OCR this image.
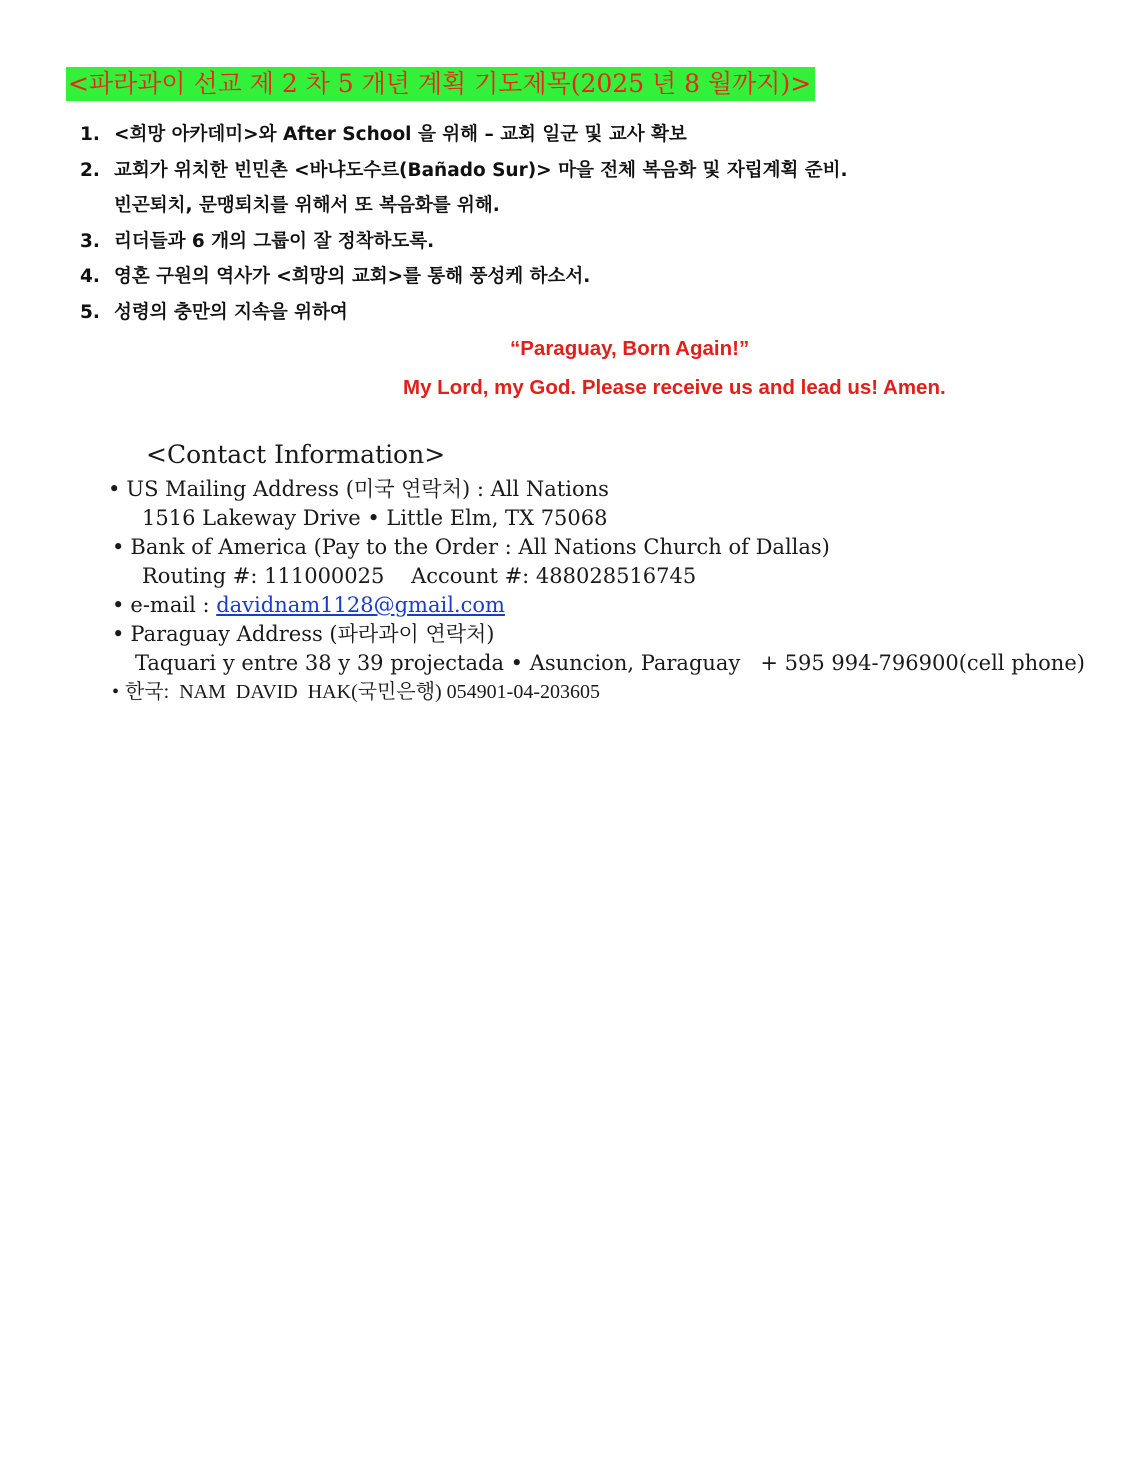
<파라과이 선교 제 2 차 5 개년 계획 기도제목(2025 년 8 월까지)>
1. <희망 아카데미>와 After School 을 위해 – 교회 일군 및 교사 확보
2. 교회가 위치한 빈민촌 <바냐도수르(Bañado Sur)> 마을 전체 복음화 및 자립계획 준비.
빈곤퇴치, 문맹퇴치를 위해서 또 복음화를 위해.
3. 리더들과 6 개의 그룹이 잘 정착하도록.
4. 영혼 구원의 역사가 <희망의 교회>를 통해 풍성케 하소서.
5. 성령의 충만의 지속을 위하여
“Paraguay, Born Again!”
My Lord, my God. Please receive us and lead us! Amen.
<Contact Information>
• US Mailing Address (미국 연락처) : All Nations
1516 Lakeway Drive • Little Elm, TX 75068
• Bank of America (Pay to the Order : All Nations Church of Dallas)
Routing #: 111000025    Account #: 488028516745
• e-mail : davidnam1128@gmail.com
• Paraguay Address (파라과이 연락처)
Taquari y entre 38 y 39 projectada • Asuncion, Paraguay   + 595 994-796900(cell phone)
• 한국:  NAM  DAVID  HAK(국민은행) 054901-04-203605
